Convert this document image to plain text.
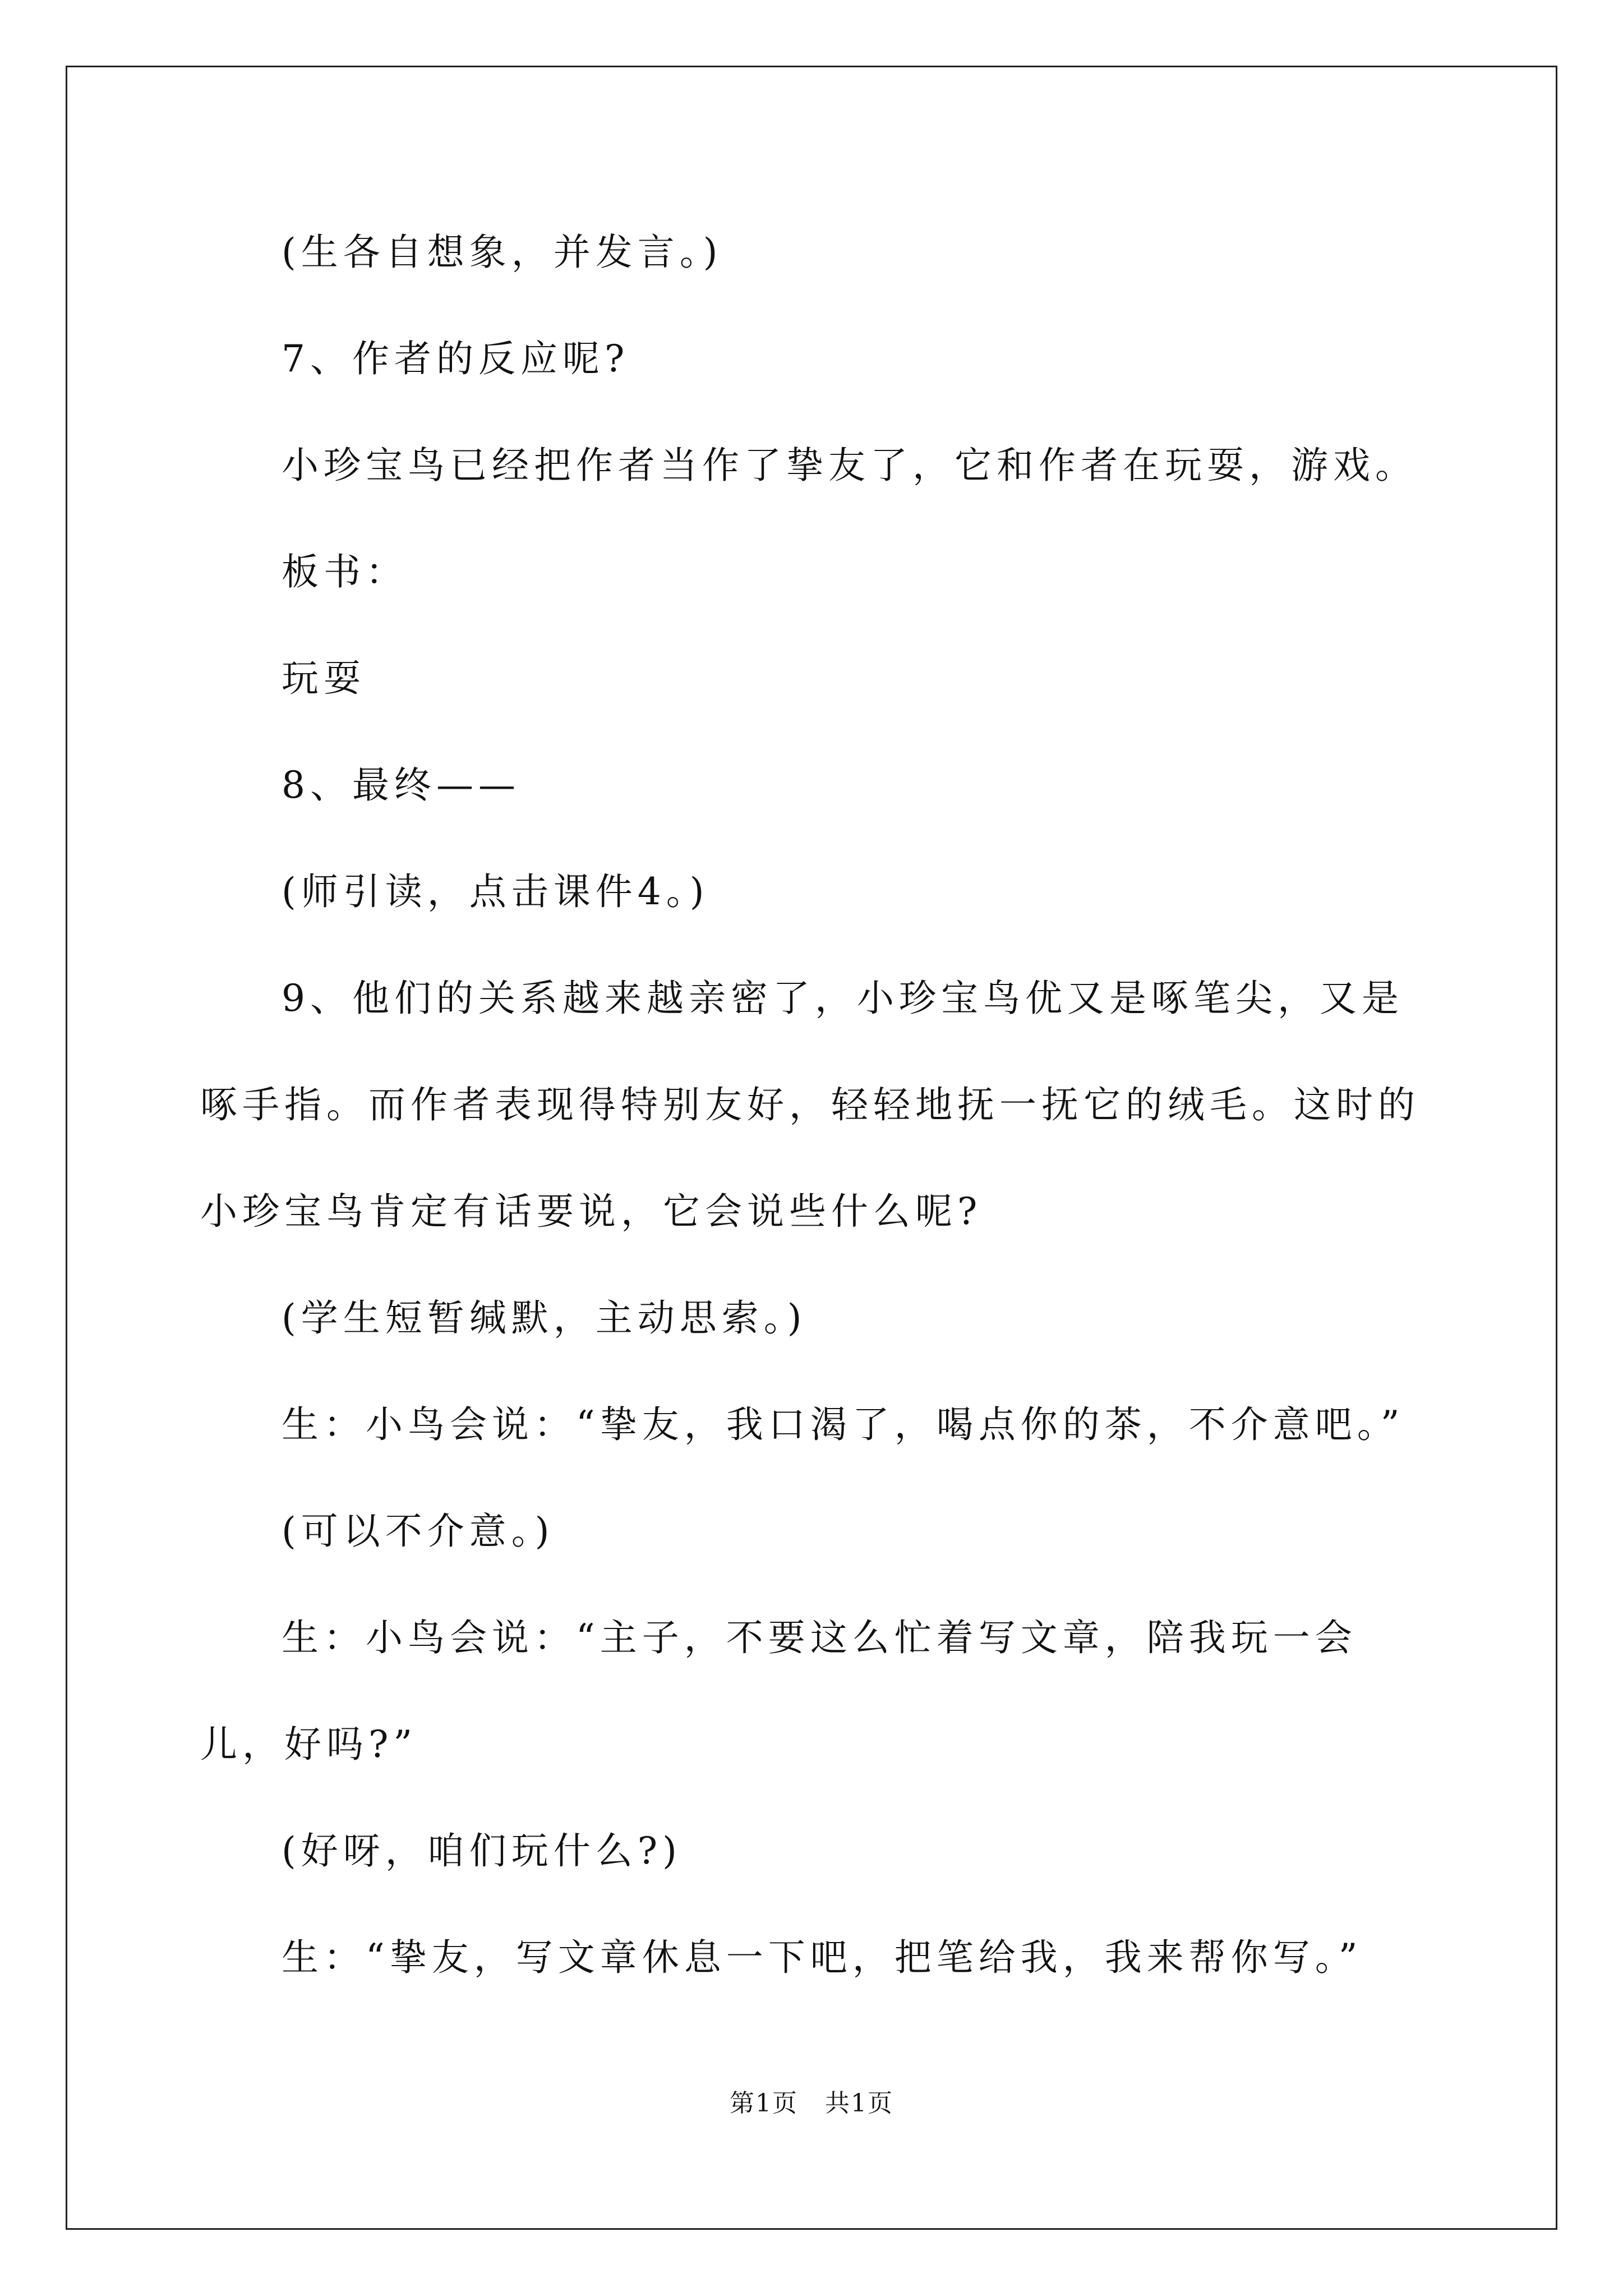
(生各自想象，并发言。)

7、作者的反应呢?

小珍宝鸟已经把作者当作了挚友了，它和作者在玩耍，游戏。

板书：

玩耍

8、最终——

(师引读，点击课件4。)

9、他们的关系越来越亲密了，小珍宝鸟优又是啄笔尖，又是啄手指。而作者表现得特别友好，轻轻地抚一抚它的绒毛。这时的小珍宝鸟肯定有话要说，它会说些什么呢?

(学生短暂缄默，主动思索。)

生：小鸟会说：“挚友，我口渴了，喝点你的茶，不介意吧。”

(可以不介意。)

生：小鸟会说：“主子，不要这么忙着写文章，陪我玩一会儿，好吗?”

(好呀，咱们玩什么?)

生：“挚友，写文章休息一下吧，把笔给我，我来帮你写。”

第1页 共1页
